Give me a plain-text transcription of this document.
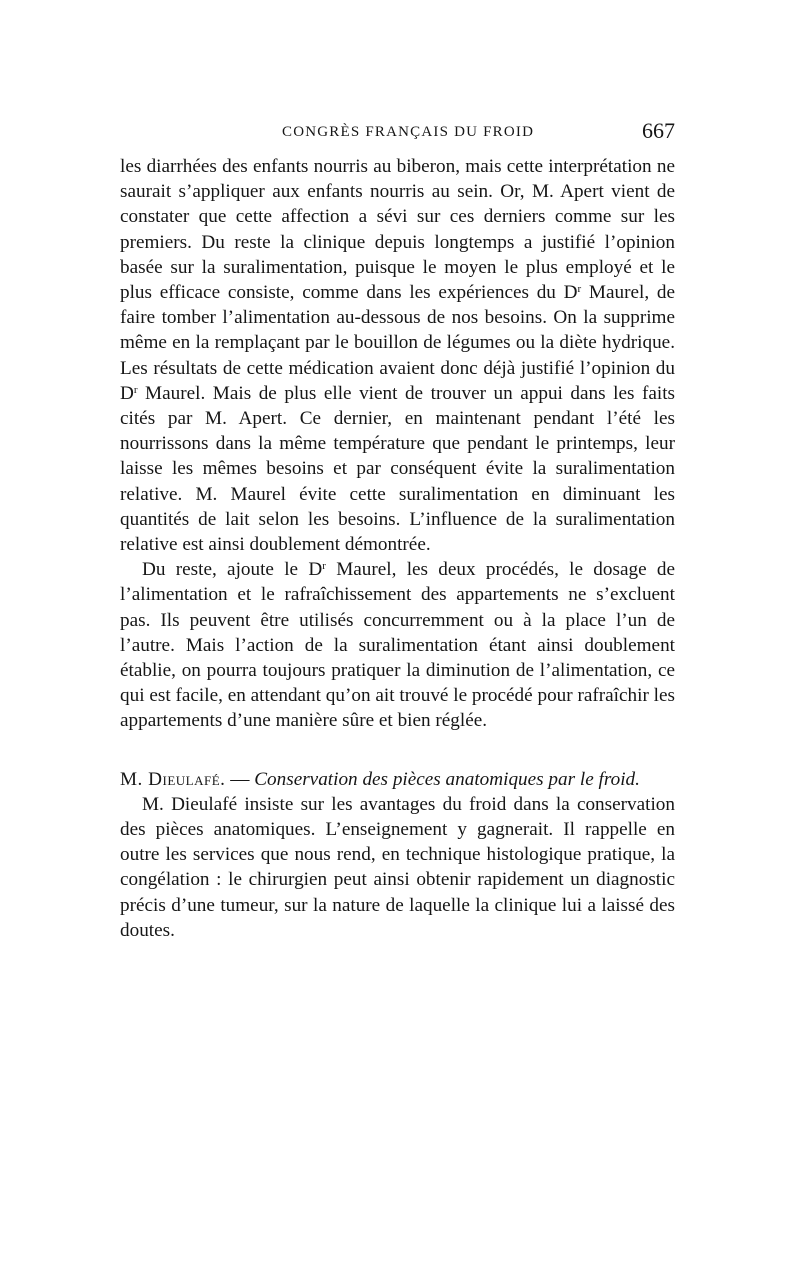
CONGRÈS FRANÇAIS DU FROID	667

les diarrhées des enfants nourris au biberon, mais cette interprétation ne saurait s’appliquer aux enfants nourris au sein. Or, M. Apert vient de constater que cette affection a sévi sur ces derniers comme sur les premiers. Du reste la clinique depuis longtemps a justifié l’opinion basée sur la suralimentation, puisque le moyen le plus employé et le plus efficace consiste, comme dans les expériences du $D^r$ Maurel, de faire tomber l’alimentation au-dessous de nos besoins. On la supprime même en la remplaçant par le bouillon de légumes ou la diète hydrique. Les résultats de cette médication avaient donc déjà justifié l’opinion du $D^r$ Maurel. Mais de plus elle vient de trouver un appui dans les faits cités par M. Apert. Ce dernier, en maintenant pendant l’été les nourrissons dans la même température que pendant le printemps, leur laisse les mêmes besoins et par conséquent évite la suralimentation relative. M. Maurel évite cette suralimentation en diminuant les quantités de lait selon les besoins. L’influence de la suralimentation relative est ainsi doublement démontrée.

Du reste, ajoute le $D^r$ Maurel, les deux procédés, le dosage de l’alimentation et le rafraîchissement des appartements ne s’excluent pas. Ils peuvent être utilisés concurremment ou à la place l’un de l’autre. Mais l’action de la suralimentation étant ainsi doublement établie, on pourra toujours pratiquer la diminution de l’alimentation, ce qui est facile, en attendant qu’on ait trouvé le procédé pour rafraîchir les appartements d’une manière sûre et bien réglée.

M. Dieulafé. — Conservation des pièces anatomiques par le froid.

M. Dieulafé insiste sur les avantages du froid dans la conservation des pièces anatomiques. L’enseignement y gagnerait. Il rappelle en outre les services que nous rend, en technique histologique pratique, la congélation : le chirurgien peut ainsi obtenir rapidement un diagnostic précis d’une tumeur, sur la nature de laquelle la clinique lui a laissé des doutes.
